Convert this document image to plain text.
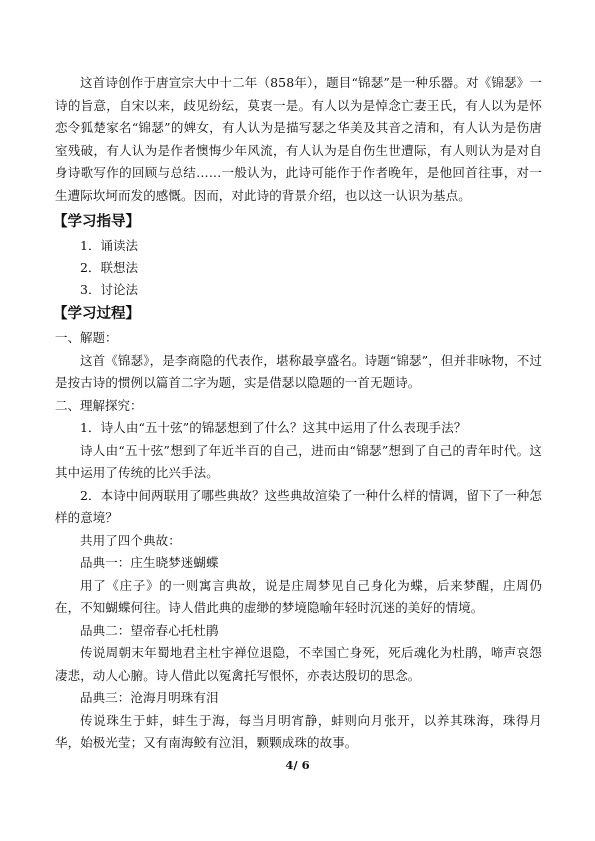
这首诗创作于唐宣宗大中十二年（858年），题目“锦瑟”是一种乐器。对《锦瑟》一诗的旨意，自宋以来，歧见纷纭，莫衷一是。有人以为是悼念亡妻王氏，有人以为是怀恋令狐楚家名“锦瑟”的婢女，有人认为是描写瑟之华美及其音之清和，有人认为是伤唐室残破，有人认为是作者懊悔少年风流，有人认为是自伤生世遭际，有人则认为是对自身诗歌写作的回顾与总结……一般认为，此诗可能作于作者晚年，是他回首往事，对一生遭际坎坷而发的感慨。因而，对此诗的背景介绍，也以这一认识为基点。

【学习指导】

1．诵读法

2．联想法

3．讨论法

【学习过程】

一、解题：

这首《锦瑟》，是李商隐的代表作，堪称最享盛名。诗题“锦瑟”，但并非咏物，不过是按古诗的惯例以篇首二字为题，实是借瑟以隐题的一首无题诗。

二、理解探究：

1．诗人由“五十弦”的锦瑟想到了什么？这其中运用了什么表现手法？

诗人由“五十弦”想到了年近半百的自己，进而由“锦瑟”想到了自己的青年时代。这其中运用了传统的比兴手法。

2．本诗中间两联用了哪些典故？这些典故渲染了一种什么样的情调，留下了一种怎样的意境？

共用了四个典故：

品典一：庄生晓梦迷蝴蝶

用了《庄子》的一则寓言典故，说是庄周梦见自己身化为蝶，后来梦醒，庄周仍在，不知蝴蝶何往。诗人借此典的虚缈的梦境隐喻年轻时沉迷的美好的情境。

品典二：望帝春心托杜鹃

传说周朝末年蜀地君主杜宇禅位退隐，不幸国亡身死，死后魂化为杜鹃，啼声哀怨凄悲，动人心腑。诗人借此以冤禽托写恨怀，亦表达殷切的思念。

品典三：沧海月明珠有泪

传说珠生于蚌，蚌生于海，每当月明宵静，蚌则向月张开，以养其珠海，珠得月华，始极光莹；又有南海鲛有泣泪，颗颗成珠的故事。

4/ 6
